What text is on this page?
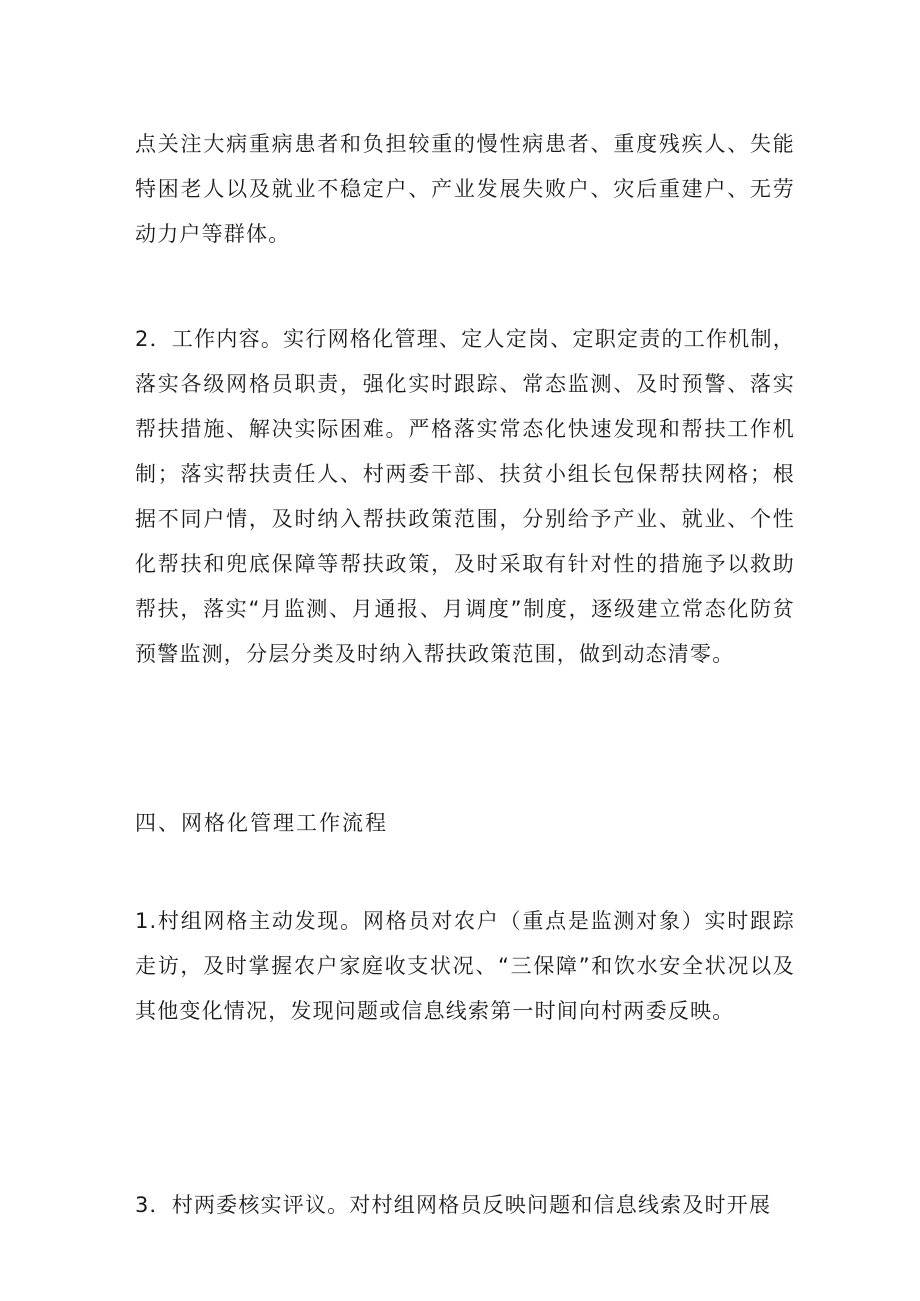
点关注大病重病患者和负担较重的慢性病患者、重度残疾人、失能特困老人以及就业不稳定户、产业发展失败户、灾后重建户、无劳动力户等群体。

2．工作内容。实行网格化管理、定人定岗、定职定责的工作机制，落实各级网格员职责，强化实时跟踪、常态监测、及时预警、落实帮扶措施、解决实际困难。严格落实常态化快速发现和帮扶工作机制；落实帮扶责任人、村两委干部、扶贫小组长包保帮扶网格；根据不同户情，及时纳入帮扶政策范围，分别给予产业、就业、个性化帮扶和兜底保障等帮扶政策，及时采取有针对性的措施予以救助帮扶，落实“月监测、月通报、月调度”制度，逐级建立常态化防贫预警监测，分层分类及时纳入帮扶政策范围，做到动态清零。

四、网格化管理工作流程

1.村组网格主动发现。网格员对农户（重点是监测对象）实时跟踪走访，及时掌握农户家庭收支状况、“三保障”和饮水安全状况以及其他变化情况，发现问题或信息线索第一时间向村两委反映。

3．村两委核实评议。对村组网格员反映问题和信息线索及时开展
